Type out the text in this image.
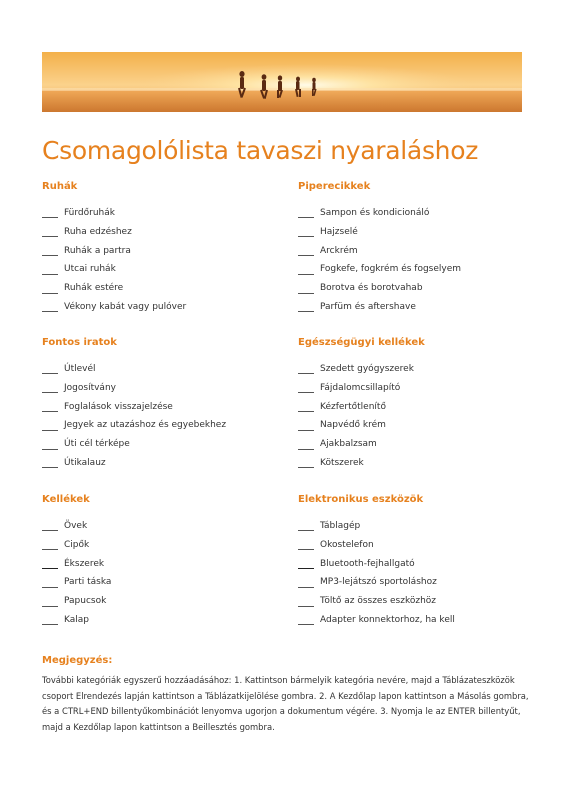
Csomagolólista tavaszi nyaraláshoz
Ruhák
Fürdőruhák
Ruha edzéshez
Ruhák a partra
Utcai ruhák
Ruhák estére
Vékony kabát vagy pulóver
Piperecikkek
Sampon és kondicionáló
Hajzselé
Arckrém
Fogkefe, fogkrém és fogselyem
Borotva és borotvahab
Parfüm és aftershave
Fontos iratok
Útlevél
Jogosítvány
Foglalások visszajelzése
Jegyek az utazáshoz és egyebekhez
Úti cél térképe
Útikalauz
Egészségügyi kellékek
Szedett gyógyszerek
Fájdalomcsillapító
Kézfertőtlenítő
Napvédő krém
Ajakbalzsam
Kötszerek
Kellékek
Övek
Cipők
Ékszerek
Parti táska
Papucsok
Kalap
Elektronikus eszközök
Táblagép
Okostelefon
Bluetooth-fejhallgató
MP3-lejátszó sportoláshoz
Töltő az összes eszközhöz
Adapter konnektorhoz, ha kell
Megjegyzés:
További kategóriák egyszerű hozzáadásához: 1. Kattintson bármelyik kategória nevére, majd a Táblázateszközök csoport Elrendezés lapján kattintson a Táblázatkijelölése gombra. 2. A Kezdőlap lapon kattintson a Másolás gombra, és a CTRL+END billentyűkombinációt lenyomva ugorjon a dokumentum végére. 3. Nyomja le az ENTER billentyűt, majd a Kezdőlap lapon kattintson a Beillesztés gombra.
